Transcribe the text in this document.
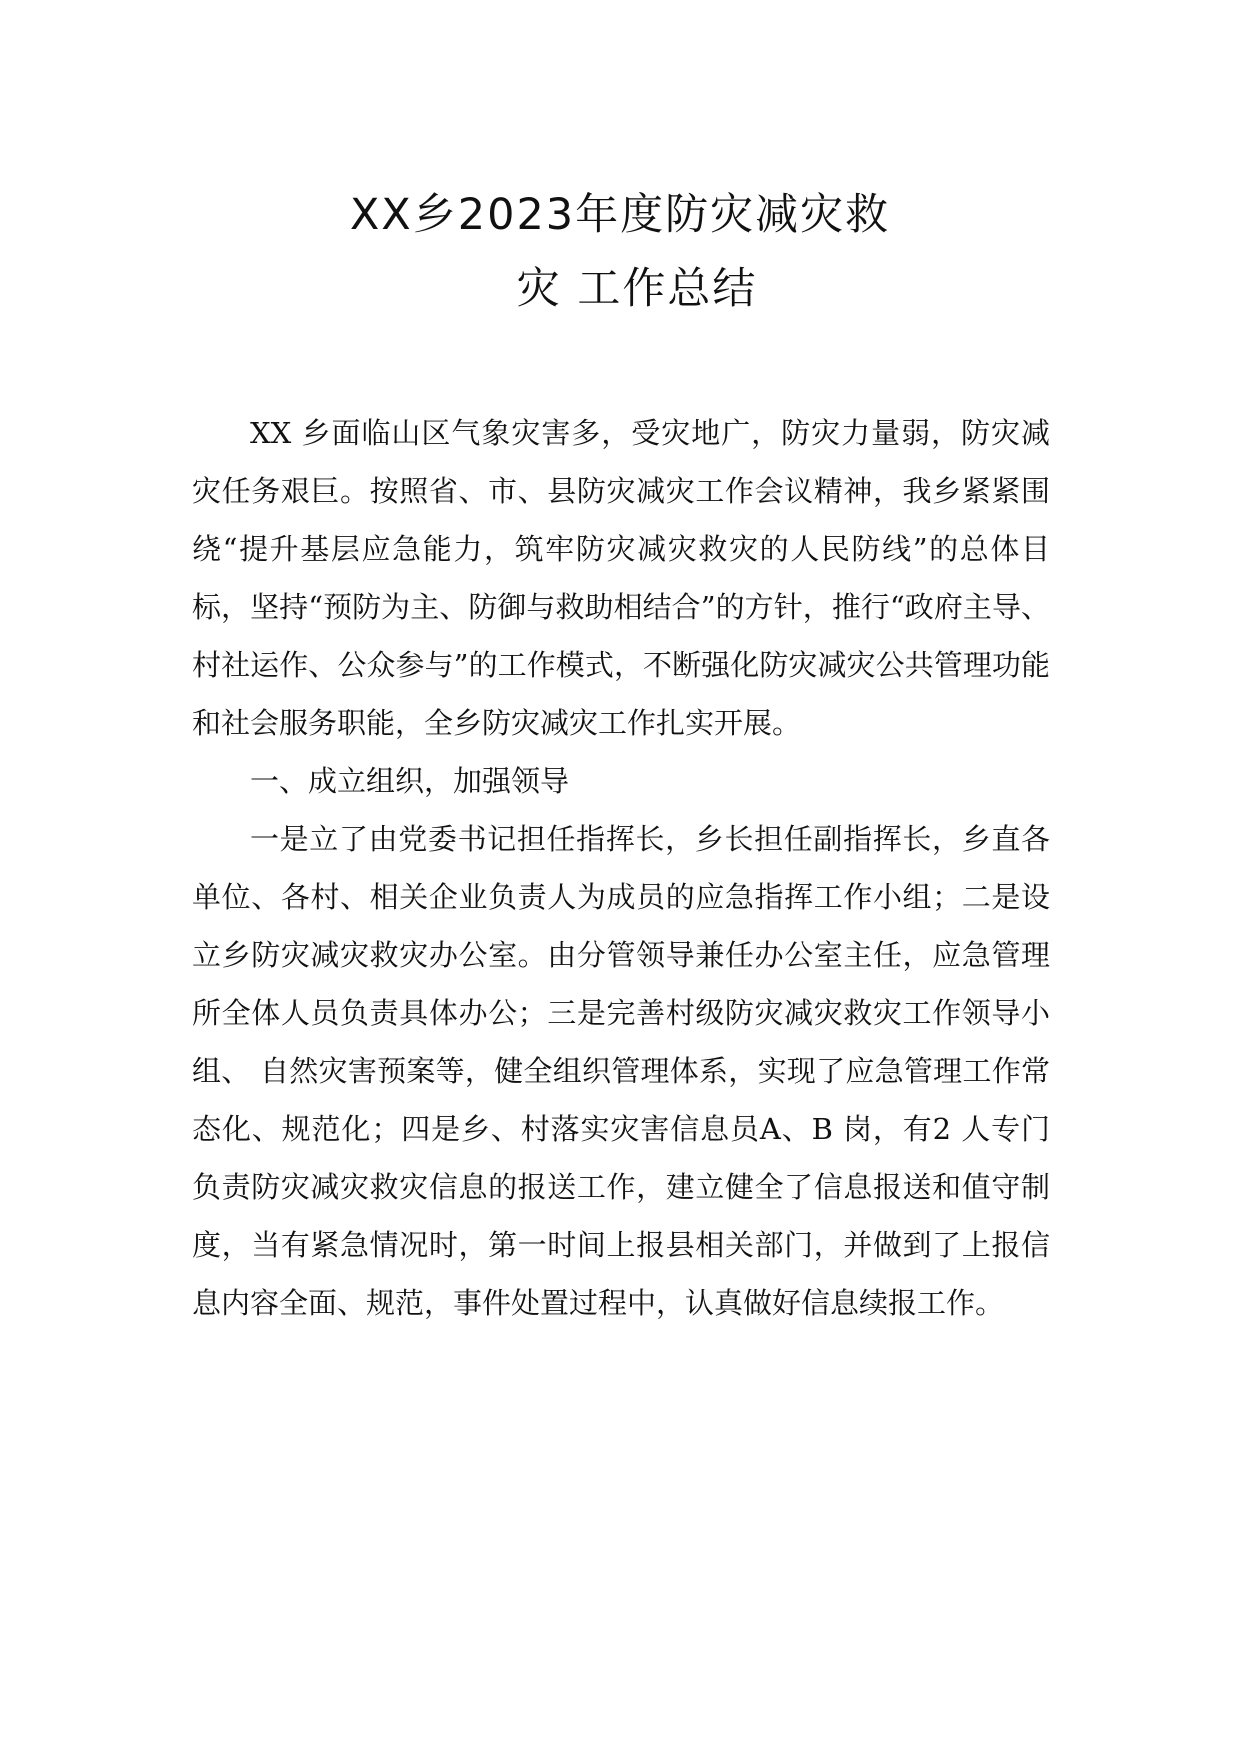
XX乡2023年度防灾减灾救
灾 工作总结

XX 乡面临山区气象灾害多，受灾地广，防灾力量弱，防灾减灾任务艰巨。按照省、市、县防灾减灾工作会议精神，我乡紧紧围绕“提升基层应急能力，筑牢防灾减灾救灾的人民防线”的总体目标，坚持“预防为主、防御与救助相结合”的方针，推行“政府主导、村社运作、公众参与”的工作模式，不断强化防灾减灾公共管理功能和社会服务职能，全乡防灾减灾工作扎实开展。

一、成立组织，加强领导

一是立了由党委书记担任指挥长，乡长担任副指挥长，乡直各单位、各村、相关企业负责人为成员的应急指挥工作小组；二是设立乡防灾减灾救灾办公室。由分管领导兼任办公室主任，应急管理所全体人员负责具体办公；三是完善村级防灾减灾救灾工作领导小组、 自然灾害预案等，健全组织管理体系，实现了应急管理工作常态化、规范化；四是乡、村落实灾害信息员A、B 岗，有2 人专门负责防灾减灾救灾信息的报送工作，建立健全了信息报送和值守制度，当有紧急情况时，第一时间上报县相关部门，并做到了上报信息内容全面、规范，事件处置过程中，认真做好信息续报工作。
